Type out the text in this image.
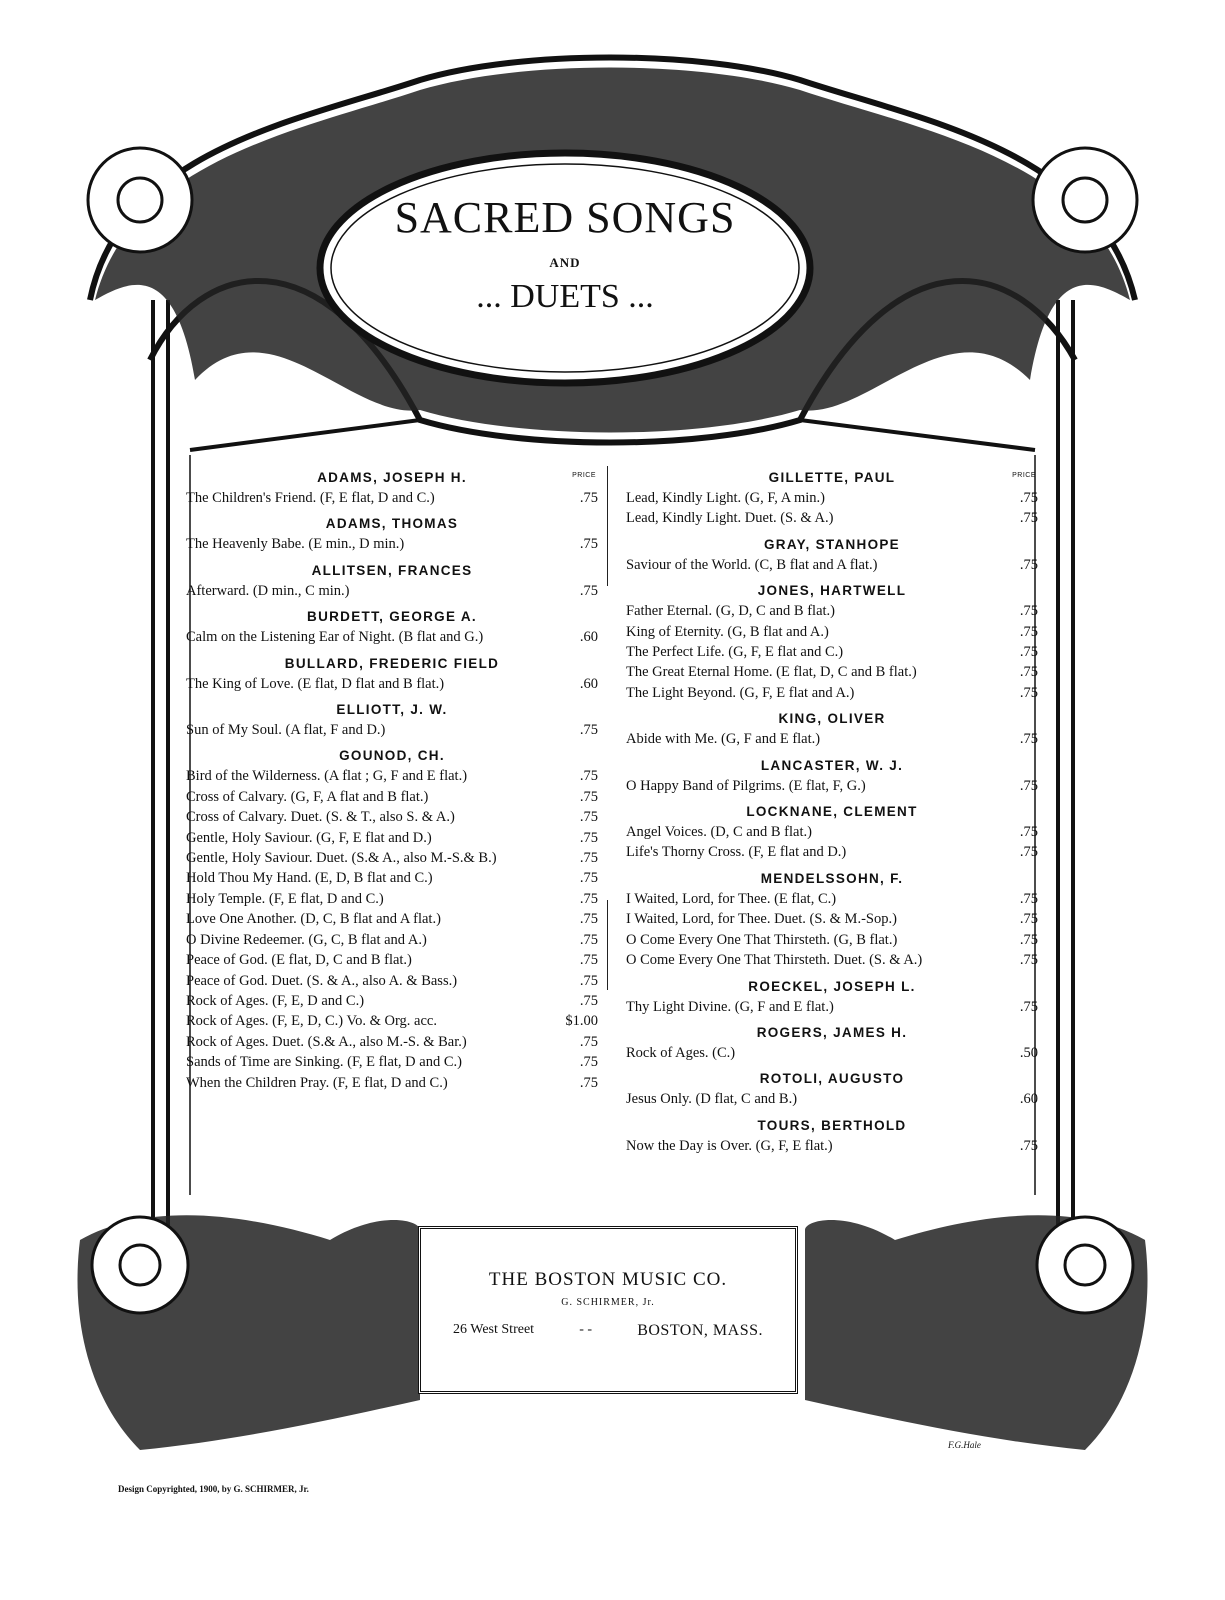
SACRED SONGS
AND
... DUETS ...
ADAMS, JOSEPH H.	PRICE
The Children's Friend. (F, E flat, D and C.)	.75
ADAMS, THOMAS
The Heavenly Babe. (E min., D min.)	.75
ALLITSEN, FRANCES
Afterward. (D min., C min.)	.75
BURDETT, GEORGE A.
Calm on the Listening Ear of Night. (B flat and G.)	.60
BULLARD, FREDERIC FIELD
The King of Love. (E flat, D flat and B flat.)	.60
ELLIOTT, J. W.
Sun of My Soul. (A flat, F and D.)	.75
GOUNOD, CH.
Bird of the Wilderness. (A flat ; G, F and E flat.)	.75
Cross of Calvary. (G, F, A flat and B flat.)	.75
Cross of Calvary. Duet. (S. & T., also S. & A.)	.75
Gentle, Holy Saviour. (G, F, E flat and D.)	.75
Gentle, Holy Saviour. Duet. (S.& A., also M.-S.& B.)	.75
Hold Thou My Hand. (E, D, B flat and C.)	.75
Holy Temple. (F, E flat, D and C.)	.75
Love One Another. (D, C, B flat and A flat.)	.75
O Divine Redeemer. (G, C, B flat and A.)	.75
Peace of God. (E flat, D, C and B flat.)	.75
Peace of God. Duet. (S. & A., also A. & Bass.)	.75
Rock of Ages. (F, E, D and C.)	.75
Rock of Ages. (F, E, D, C.) Vo. & Org. acc.	$1.00
Rock of Ages. Duet. (S.& A., also M.-S. & Bar.)	.75
Sands of Time are Sinking. (F, E flat, D and C.)	.75
When the Children Pray. (F, E flat, D and C.)	.75
GILLETTE, PAUL	PRICE
Lead, Kindly Light. (G, F, A min.)	.75
Lead, Kindly Light. Duet. (S. & A.)	.75
GRAY, STANHOPE
Saviour of the World. (C, B flat and A flat.)	.75
JONES, HARTWELL
Father Eternal. (G, D, C and B flat.)	.75
King of Eternity. (G, B flat and A.)	.75
The Perfect Life. (G, F, E flat and C.)	.75
The Great Eternal Home. (E flat, D, C and B flat.)	.75
The Light Beyond. (G, F, E flat and A.)	.75
KING, OLIVER
Abide with Me. (G, F and E flat.)	.75
LANCASTER, W. J.
O Happy Band of Pilgrims. (E flat, F, G.)	.75
LOCKNANE, CLEMENT
Angel Voices. (D, C and B flat.)	.75
Life's Thorny Cross. (F, E flat and D.)	.75
MENDELSSOHN, F.
I Waited, Lord, for Thee. (E flat, C.)	.75
I Waited, Lord, for Thee. Duet. (S. & M.-Sop.)	.75
O Come Every One That Thirsteth. (G, B flat.)	.75
O Come Every One That Thirsteth. Duet. (S. & A.)	.75
ROECKEL, JOSEPH L.
Thy Light Divine. (G, F and E flat.)	.75
ROGERS, JAMES H.
Rock of Ages. (C.)	.50
ROTOLI, AUGUSTO
Jesus Only. (D flat, C and B.)	.60
TOURS, BERTHOLD
Now the Day is Over. (G, F, E flat.)	.75
THE BOSTON MUSIC CO.
G. SCHIRMER, Jr.
26 West Street	- -	BOSTON, MASS.
F.G.Hale
Design Copyrighted, 1900, by G. SCHIRMER, Jr.
